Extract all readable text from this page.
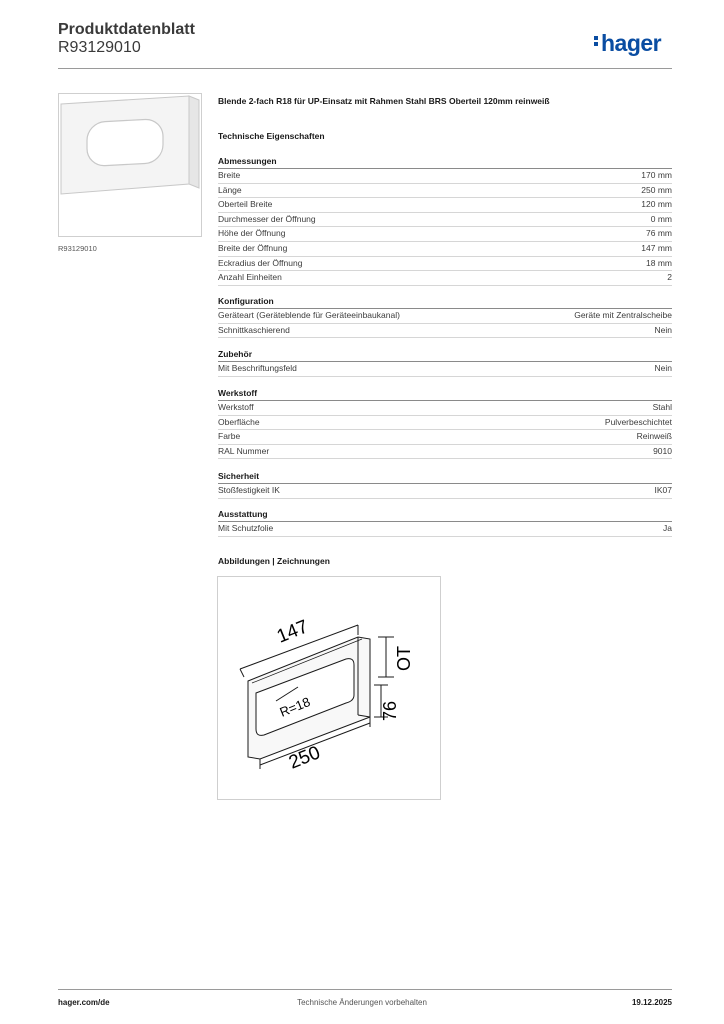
Produktdatenblatt
R93129010	hager
R93129010
Blende 2-fach R18 für UP-Einsatz mit Rahmen Stahl BRS Oberteil 120mm reinweiß
Technische Eigenschaften
Abmessungen
Breite	170 mm
Länge	250 mm
Oberteil Breite	120 mm
Durchmesser der Öffnung	0 mm
Höhe der Öffnung	76 mm
Breite der Öffnung	147 mm
Eckradius der Öffnung	18 mm
Anzahl Einheiten	2
Konfiguration
Geräteart (Geräteblende für Geräteeinbaukanal)	Geräte mit Zentralscheibe
Schnittkaschierend	Nein
Zubehör
Mit Beschriftungsfeld	Nein
Werkstoff
Werkstoff	Stahl
Oberfläche	Pulverbeschichtet
Farbe	Reinweiß
RAL Nummer	9010
Sicherheit
Stoßfestigkeit IK	IK07
Ausstattung
Mit Schutzfolie	Ja
Abbildungen | Zeichnungen
147
R=18
OT
76
250
hager.com/de	Technische Änderungen vorbehalten	19.12.2025
